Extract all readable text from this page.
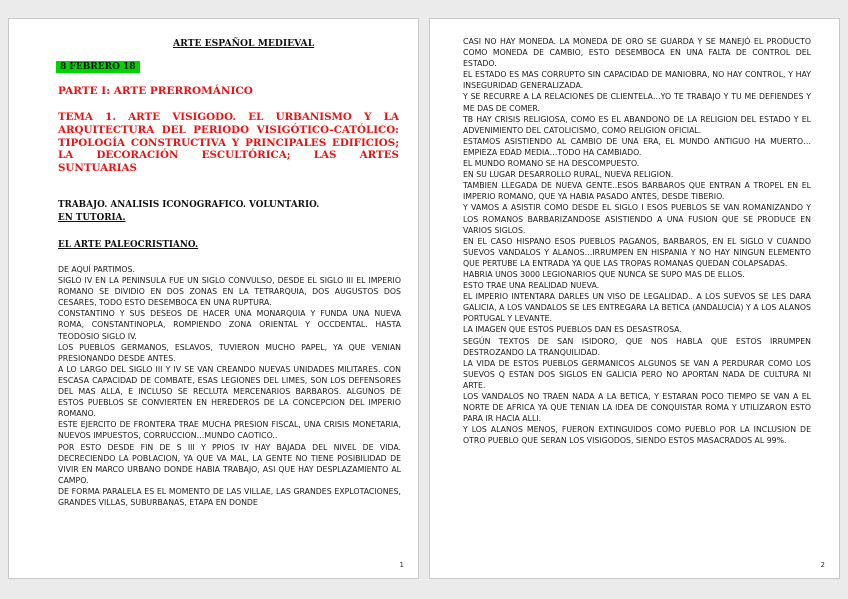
ARTE ESPAÑOL MEDIEVAL
8 FEBRERO 18
PARTE I: ARTE PRERROMÁNICO
TEMA 1. ARTE VISIGODO. EL URBANISMO Y LA ARQUITECTURA DEL PERIODO VISIGÓTICO-CATÓLICO: TIPOLOGÍA CONSTRUCTIVA Y PRINCIPALES EDIFICIOS; LA DECORACIÓN ESCULTÓRICA; LAS ARTES SUNTUARIAS
TRABAJO. ANALISIS ICONOGRAFICO. VOLUNTARIO.
EN TUTORIA.
EL ARTE PALEOCRISTIANO.

DE AQUÍ PARTIMOS.

SIGLO IV EN LA PENINSULA FUE UN SIGLO CONVULSO, DESDE EL SIGLO III EL IMPERIO ROMANO SE DIVIDIO EN DOS ZONAS EN LA TETRARQUIA, DOS AUGUSTOS DOS CESARES, TODO ESTO DESEMBOCA EN UNA RUPTURA.

CONSTANTINO Y SUS DESEOS DE HACER UNA MONARQUIA Y FUNDA UNA NUEVA ROMA, CONSTANTINOPLA, ROMPIENDO ZONA ORIENTAL Y OCCDENTAL. HASTA TEODOSIO SIGLO IV.

LOS PUEBLOS GERMANOS, ESLAVOS, TUVIERON MUCHO PAPEL, YA QUE VENIAN PRESIONANDO DESDE ANTES.

A LO LARGO DEL SIGLO III Y IV SE VAN CREANDO NUEVAS UNIDADES MILITARES. CON ESCASA CAPACIDAD DE COMBATE, ESAS LEGIONES DEL LIMES, SON LOS DEFENSORES DEL MAS ALLA, E INCLUSO SE RECLUTA MERCENARIOS BARBAROS. ALGUNOS DE ESTOS PUEBLOS SE CONVIERTEN EN HEREDEROS DE LA CONCEPCION DEL IMPERIO ROMANO.

ESTE EJERCITO DE FRONTERA TRAE MUCHA PRESION FISCAL, UNA CRISIS MONETARIA, NUEVOS IMPUESTOS, CORRUCCION…MUNDO CAOTICO..

POR ESTO DESDE FIN DE S III Y PPIOS IV HAY BAJADA DEL NIVEL DE VIDA. DECRECIENDO LA POBLACION, YA QUE VA MAL, LA GENTE NO TIENE POSIBILIDAD DE VIVIR EN MARCO URBANO DONDE HABIA TRABAJO, ASI QUE HAY DESPLAZAMIENTO AL CAMPO.

DE FORMA PARALELA ES EL MOMENTO DE LAS VILLAE, LAS GRANDES EXPLOTACIONES, GRANDES VILLAS, SUBURBANAS, ETAPA EN DONDE

1

CASI NO HAY MONEDA. LA MONEDA DE ORO SE GUARDA Y SE MANEJÓ EL PRODUCTO COMO MONEDA DE CAMBIO, ESTO DESEMBOCA EN UNA FALTA DE CONTROL DEL ESTADO.

EL ESTADO ES MAS CORRUPTO SIN CAPACIDAD DE MANIOBRA, NO HAY CONTROL, Y HAY INSEGURIDAD GENERALIZADA.

Y SE RECURRE A LA RELACIONES DE CLIENTELA…YO TE TRABAJO Y TU ME DEFIENDES Y ME DAS DE COMER.

TB HAY CRISIS RELIGIOSA, COMO ES EL ABANDONO DE LA RELIGION DEL ESTADO Y EL ADVENIMIENTO DEL CATOLICISMO, COMO RELIGION OFICIAL.

ESTAMOS ASISTIENDO AL CAMBIO DE UNA ERA, EL MUNDO ANTIGUO HA MUERTO…EMPIEZA EDAD MEDIA…TODO HA CAMBIADO.

EL MUNDO ROMANO SE HA DESCOMPUESTO.

EN SU LUGAR DESARROLLO RURAL, NUEVA RELIGION.

TAMBIEN LLEGADA DE NUEVA GENTE..ESOS BARBAROS QUE ENTRAN A TROPEL EN EL IMPERIO ROMANO, QUE YA HABIA PASADO ANTES, DESDE TIBERIO.

Y VAMOS A ASISTIR COMO DESDE EL SIGLO I ESOS PUEBLOS SE VAN ROMANIZANDO Y LOS ROMANOS BARBARIZANDOSE ASISTIENDO A UNA FUSION QUE SE PRODUCE EN VARIOS SIGLOS.

EN EL CASO HISPANO ESOS PUEBLOS PAGANOS, BARBAROS, EN EL SIGLO V CUANDO SUEVOS VANDALOS Y ALANOS…IRRUMPEN EN HISPANIA Y NO HAY NINGUN ELEMENTO QUE PERTUBE LA ENTRADA YA QUE LAS TROPAS ROMANAS QUEDAN COLAPSADAS.

HABRIA UNOS 3000 LEGIONARIOS QUE NUNCA SE SUPO MAS DE ELLOS.

ESTO TRAE UNA REALIDAD NUEVA.

EL IMPERIO INTENTARA DARLES UN VISO DE LEGALIDAD.. A LOS SUEVOS SE LES DARA GALICIA, A LOS VANDALOS SE LES ENTREGARA LA BETICA (ANDALUCIA) Y A LOS ALANOS PORTUGAL Y LEVANTE.

LA IMAGEN QUE ESTOS PUEBLOS DAN ES DESASTROSA.

SEGÚN TEXTOS DE SAN ISIDORO, QUE NOS HABLA QUE ESTOS IRRUMPEN DESTROZANDO LA TRANQUILIDAD.

LA VIDA DE ESTOS PUEBLOS GERMANICOS ALGUNOS SE VAN A PERDURAR COMO LOS SUEVOS Q ESTAN DOS SIGLOS EN GALICIA PERO NO APORTAN NADA DE CULTURA NI ARTE.

LOS VANDALOS NO TRAEN NADA A LA BETICA, Y ESTARAN POCO TIEMPO SE VAN A EL NORTE DE AFRICA YA QUE TENIAN LA IDEA DE CONQUISTAR ROMA Y UTILIZARON ESTO PARA IR HACIA ALLI.

Y LOS ALANOS MENOS, FUERON EXTINGUIDOS COMO PUEBLO POR LA INCLUSION DE OTRO PUEBLO QUE SERAN LOS VISIGODOS, SIENDO ESTOS MASACRADOS AL 99%.

2
